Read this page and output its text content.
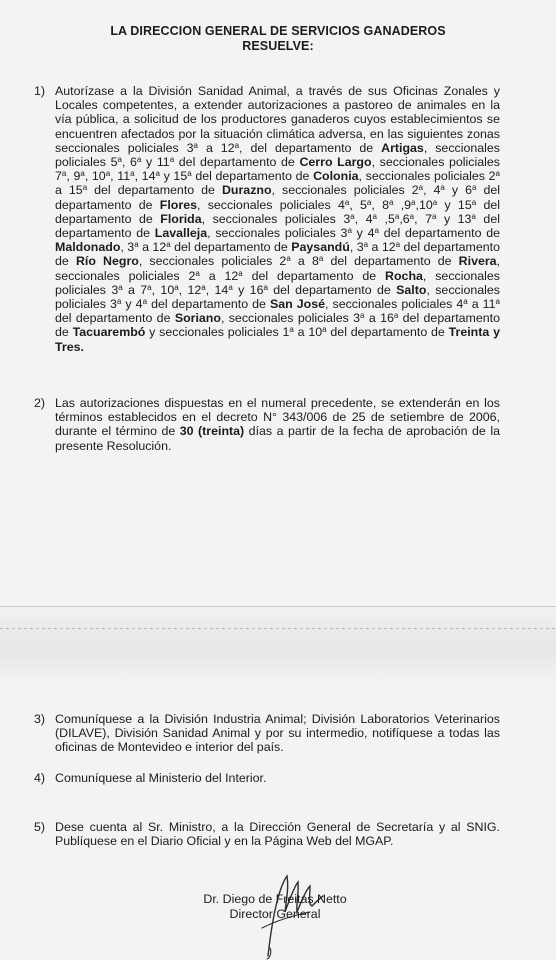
LA DIRECCION GENERAL DE SERVICIOS GANADEROS
RESUELVE:
1) Autorízase a la División Sanidad Animal, a través de sus Oficinas Zonales y Locales competentes, a extender autorizaciones a pastoreo de animales en la vía pública, a solicitud de los productores ganaderos cuyos establecimientos se encuentren afectados por la situación climática adversa, en las siguientes zonas seccionales policiales 3$^a$ a 12$^a$, del departamento de Artigas, seccionales policiales 5$^a$, 6$^a$ y 11$^a$ del departamento de Cerro Largo, seccionales policiales 7$^a$, 9$^a$, 10$^a$, 11$^a$, 14$^a$ y 15$^a$ del departamento de Colonia, seccionales policiales 2$^a$ a 15$^a$ del departamento de Durazno, seccionales policiales 2$^a$, 4$^a$ y 6$^a$ del departamento de Flores, seccionales policiales 4$^a$, 5$^a$, 8$^a$ ,9$^a$,10$^a$ y 15$^a$ del departamento de Florida, seccionales policiales 3$^a$, 4$^a$ ,5$^a$,6$^a$, 7$^a$ y 13$^a$ del departamento de Lavalleja, seccionales policiales 3$^a$ y 4$^a$ del departamento de Maldonado, 3$^a$ a 12$^a$ del departamento de Paysandú, 3$^a$ a 12$^a$ del departamento de Río Negro, seccionales policiales 2$^a$ a 8$^a$ del departamento de Rivera, seccionales policiales 2$^a$ a 12$^a$ del departamento de Rocha, seccionales policiales 3$^a$ a 7$^a$, 10$^a$, 12$^a$, 14$^a$ y 16$^a$ del departamento de Salto, seccionales policiales 3$^a$ y 4$^a$ del departamento de San José, seccionales policiales 4$^a$ a 11$^a$ del departamento de Soriano, seccionales policiales 3$^a$ a 16$^a$ del departamento de Tacuarembó y seccionales policiales 1$^a$ a 10$^a$ del departamento de Treinta y Tres.
2) Las autorizaciones dispuestas en el numeral precedente, se extenderán en los términos establecidos en el decreto N° 343/006 de 25 de setiembre de 2006, durante el término de 30 (treinta) días a partir de la fecha de aprobación de la presente Resolución.
3) Comuníquese a la División Industria Animal; División Laboratorios Veterinarios (DILAVE), División Sanidad Animal y por su intermedio, notifíquese a todas las oficinas de Montevideo e interior del país.
4) Comuníquese al Ministerio del Interior.
5) Dese cuenta al Sr. Ministro, a la Dirección General de Secretaría y al SNIG. Publíquese en el Diario Oficial y en la Página Web del MGAP.
Dr. Diego de Freitas Netto
Director General
